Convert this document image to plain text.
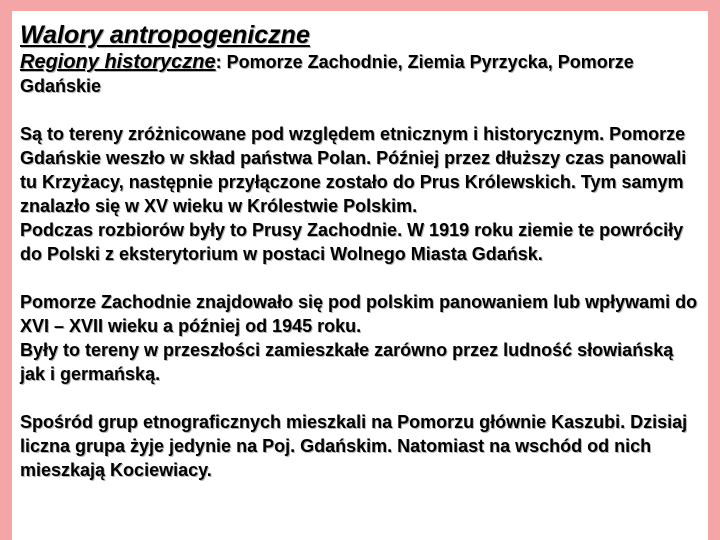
Walory antropogeniczne

Regiony historyczne: Pomorze Zachodnie, Ziemia Pyrzycka, Pomorze Gdańskie

Są to tereny zróżnicowane pod względem etnicznym i historycznym. Pomorze Gdańskie weszło w skład państwa Polan. Później przez dłuższy czas panowali tu Krzyżacy, następnie przyłączone zostało do Prus Królewskich. Tym samym znalazło się w XV wieku w Królestwie Polskim.

Podczas rozbiorów były to Prusy Zachodnie. W 1919 roku ziemie te powróciły do Polski z eksterytorium w postaci Wolnego Miasta Gdańsk.

Pomorze Zachodnie znajdowało się pod polskim panowaniem lub wpływami do XVI – XVII wieku a później od 1945 roku.

Były to tereny w przeszłości zamieszkałe zarówno przez ludność słowiańską jak i germańską.

Spośród grup etnograficznych mieszkali na Pomorzu głównie Kaszubi. Dzisiaj liczna grupa żyje jedynie na Poj. Gdańskim. Natomiast na wschód od nich mieszkają Kociewiacy.
